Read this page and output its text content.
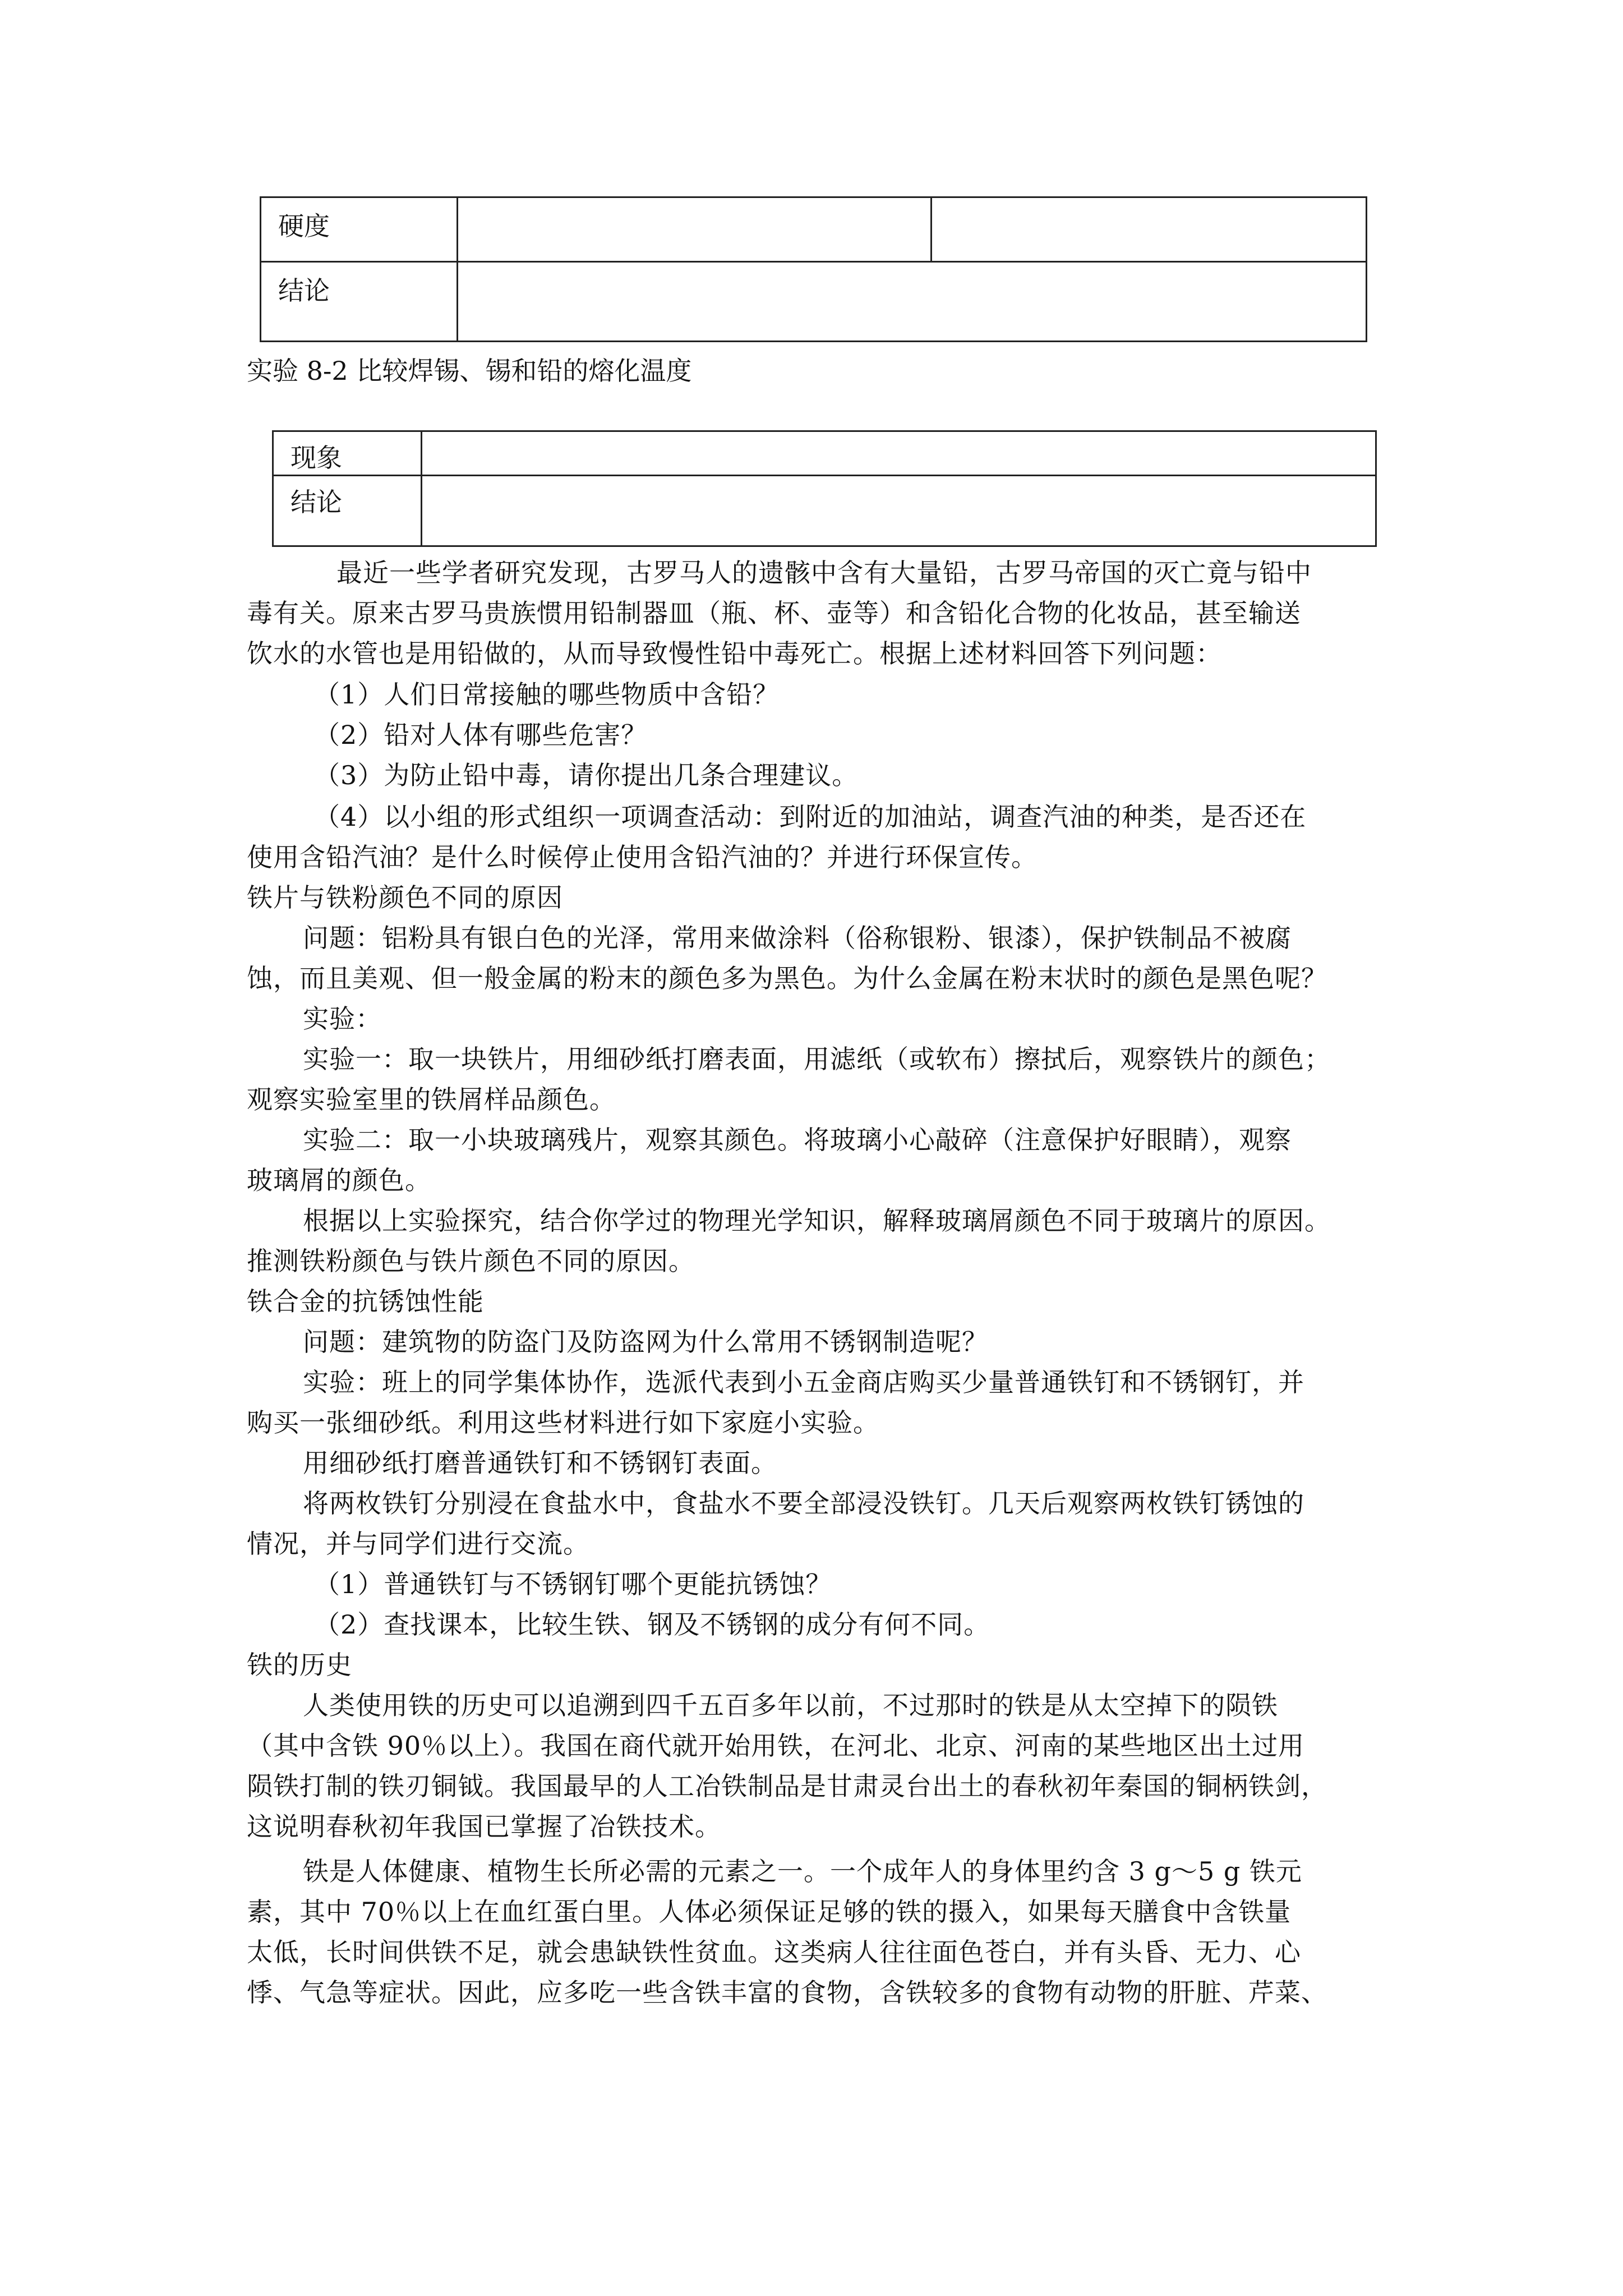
硬度		

结论		

实验 8-2 比较焊锡、锡和铅的熔化温度
现象	

结论	

最近一些学者研究发现，古罗马人的遗骸中含有大量铅，古罗马帝国的灭亡竟与铅中
毒有关。原来古罗马贵族惯用铅制器皿（瓶、杯、壶等）和含铅化合物的化妆品，甚至输送
饮水的水管也是用铅做的，从而导致慢性铅中毒死亡。根据上述材料回答下列问题：
（1）人们日常接触的哪些物质中含铅？
（2）铅对人体有哪些危害？
（3）为防止铅中毒，请你提出几条合理建议。
（4）以小组的形式组织一项调查活动：到附近的加油站，调查汽油的种类，是否还在
使用含铅汽油？是什么时候停止使用含铅汽油的？并进行环保宣传。
铁片与铁粉颜色不同的原因
问题：铝粉具有银白色的光泽，常用来做涂料（俗称银粉、银漆），保护铁制品不被腐
蚀，而且美观、但一般金属的粉末的颜色多为黑色。为什么金属在粉末状时的颜色是黑色呢？
实验：
实验一：取一块铁片，用细砂纸打磨表面，用滤纸（或软布）擦拭后，观察铁片的颜色；
观察实验室里的铁屑样品颜色。
实验二：取一小块玻璃残片，观察其颜色。将玻璃小心敲碎（注意保护好眼睛），观察
玻璃屑的颜色。
根据以上实验探究，结合你学过的物理光学知识，解释玻璃屑颜色不同于玻璃片的原因。
推测铁粉颜色与铁片颜色不同的原因。
铁合金的抗锈蚀性能
问题：建筑物的防盗门及防盗网为什么常用不锈钢制造呢？
实验：班上的同学集体协作，选派代表到小五金商店购买少量普通铁钉和不锈钢钉，并
购买一张细砂纸。利用这些材料进行如下家庭小实验。
用细砂纸打磨普通铁钉和不锈钢钉表面。
将两枚铁钉分别浸在食盐水中，食盐水不要全部浸没铁钉。几天后观察两枚铁钉锈蚀的
情况，并与同学们进行交流。
（1）普通铁钉与不锈钢钉哪个更能抗锈蚀？
（2）查找课本，比较生铁、钢及不锈钢的成分有何不同。
铁的历史
人类使用铁的历史可以追溯到四千五百多年以前，不过那时的铁是从太空掉下的陨铁
（其中含铁 90％以上）。我国在商代就开始用铁，在河北、北京、河南的某些地区出土过用
陨铁打制的铁刃铜钺。我国最早的人工冶铁制品是甘肃灵台出土的春秋初年秦国的铜柄铁剑，
这说明春秋初年我国已掌握了冶铁技术。
铁是人体健康、植物生长所必需的元素之一。一个成年人的身体里约含 3 g～5 g 铁元
素，其中 70％以上在血红蛋白里。人体必须保证足够的铁的摄入，如果每天膳食中含铁量
太低，长时间供铁不足，就会患缺铁性贫血。这类病人往往面色苍白，并有头昏、无力、心
悸、气急等症状。因此，应多吃一些含铁丰富的食物，含铁较多的食物有动物的肝脏、芹菜、
